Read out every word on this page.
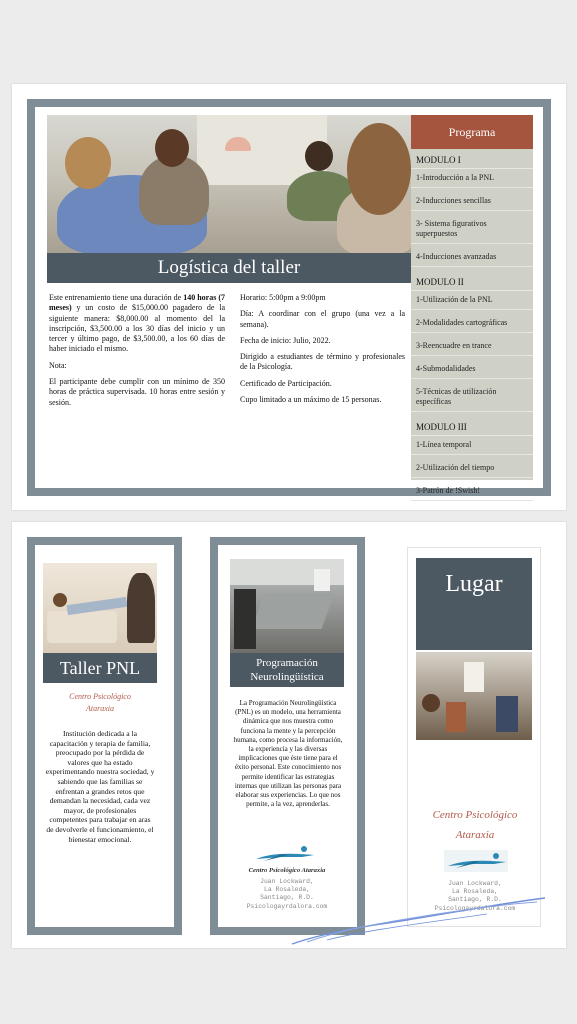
Logística del taller

Este entrenamiento tiene una duración de 140 horas (7 meses) y un costo de $15,000.00 pagadero de la siguiente manera: $8,000.00 al momento del la inscripción, $3,500.00 a los 30 días del inicio y un tercer y último pago, de $3,500.00, a los 60 días de haber iniciado el mismo.

Nota:

El participante debe cumplir con un mínimo de 350 horas de práctica supervisada. 10 horas entre sesión y sesión.

Horario: 5:00pm a 9:00pm

Día: A coordinar con el grupo (una vez a la semana).

Fecha de inicio: Julio, 2022.

Dirigido a estudiantes de término y profesionales de la Psicología.

Certificado de Participación.

Cupo limitado a un máximo de 15 personas.

Programa
MODULO I
1-Introducción a la PNL
2-Inducciones sencillas
3- Sistema figurativos superpuestos
4-Inducciones avanzadas
MODULO II
1-Utilización de la PNL
2-Modalidades cartográficas
3-Reencuadre en trance
4-Submodalidades
5-Técnicas de utilización específicas
MODULO III
1-Línea temporal
2-Utilización del tiempo
3-Patrón de !Swish!
Taller PNL
Centro Psicológico
Ataraxia
Institución dedicada a la capacitación y terapia de familia, preocupado por la pérdida de valores que ha estado experimentando nuestra sociedad, y sabiendo que las familias se enfrentan a grandes retos que demandan la necesidad, cada vez mayor, de profesionales competentes para trabajar en aras de devolverle el funcionamiento, el bienestar emocional.
Programación
Neurolingüística
La Programación Neurolingüística (PNL) es un modelo, una herramienta dinámica que nos muestra como funciona la mente y la percepción humana, como procesa la información, la experiencia y las diversas implicaciones que éste tiene para el éxito personal. Este conocimiento nos permite identificar las estrategias internas que utilizan las personas para elaborar sus experiencias. Lo que nos permite, a la vez, aprenderlas.
Centro Psicológico Ataraxia
Juan Lockward,
La Rosaleda,
Santiago, R.D.
Psicologayrdalora.com
Lugar
Centro Psicológico
Ataraxia
Juan Lockward,
La Rosaleda,
Santiago, R.D.
Psicologayrdalora.com
